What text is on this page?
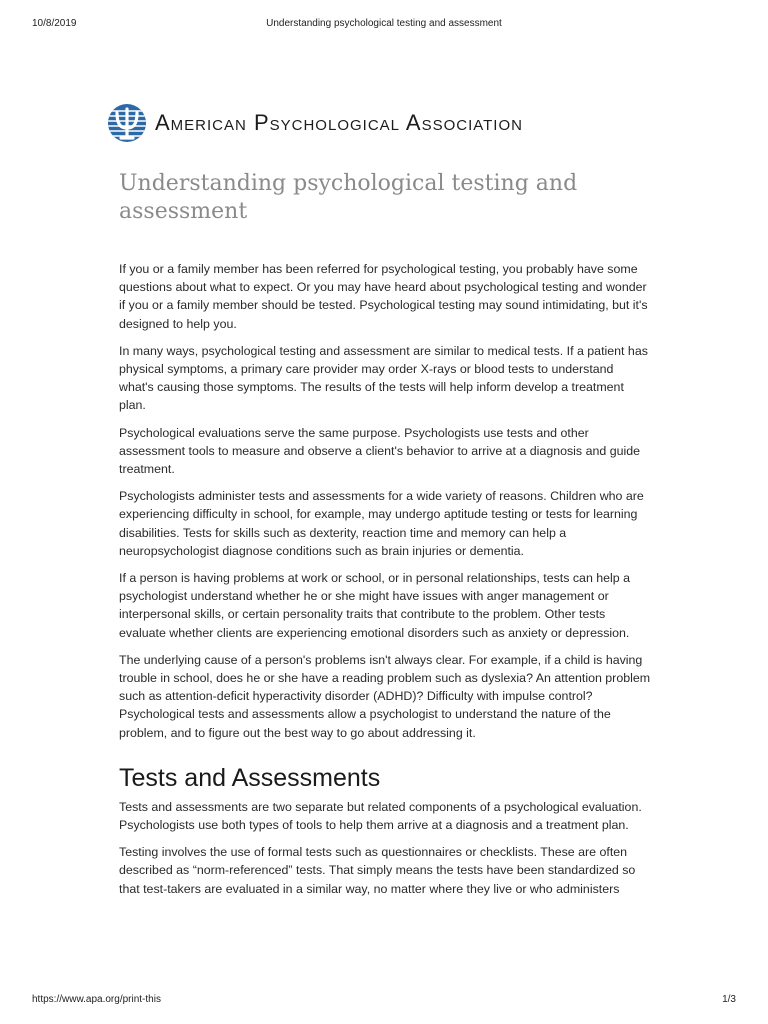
10/8/2019	Understanding psychological testing and assessment
American Psychological Association
Understanding psychological testing and assessment

If you or a family member has been referred for psychological testing, you probably have some questions about what to expect. Or you may have heard about psychological testing and wonder if you or a family member should be tested. Psychological testing may sound intimidating, but it's designed to help you.

In many ways, psychological testing and assessment are similar to medical tests. If a patient has physical symptoms, a primary care provider may order X-rays or blood tests to understand what's causing those symptoms. The results of the tests will help inform develop a treatment plan.

Psychological evaluations serve the same purpose. Psychologists use tests and other assessment tools to measure and observe a client's behavior to arrive at a diagnosis and guide treatment.

Psychologists administer tests and assessments for a wide variety of reasons. Children who are experiencing difficulty in school, for example, may undergo aptitude testing or tests for learning disabilities. Tests for skills such as dexterity, reaction time and memory can help a neuropsychologist diagnose conditions such as brain injuries or dementia.

If a person is having problems at work or school, or in personal relationships, tests can help a psychologist understand whether he or she might have issues with anger management or interpersonal skills, or certain personality traits that contribute to the problem. Other tests evaluate whether clients are experiencing emotional disorders such as anxiety or depression.

The underlying cause of a person's problems isn't always clear. For example, if a child is having trouble in school, does he or she have a reading problem such as dyslexia? An attention problem such as attention-deficit hyperactivity disorder (ADHD)? Difficulty with impulse control? Psychological tests and assessments allow a psychologist to understand the nature of the problem, and to figure out the best way to go about addressing it.

Tests and Assessments

Tests and assessments are two separate but related components of a psychological evaluation. Psychologists use both types of tools to help them arrive at a diagnosis and a treatment plan.

Testing involves the use of formal tests such as questionnaires or checklists. These are often described as “norm-referenced” tests. That simply means the tests have been standardized so that test-takers are evaluated in a similar way, no matter where they live or who administers

https://www.apa.org/print-this	1/3
